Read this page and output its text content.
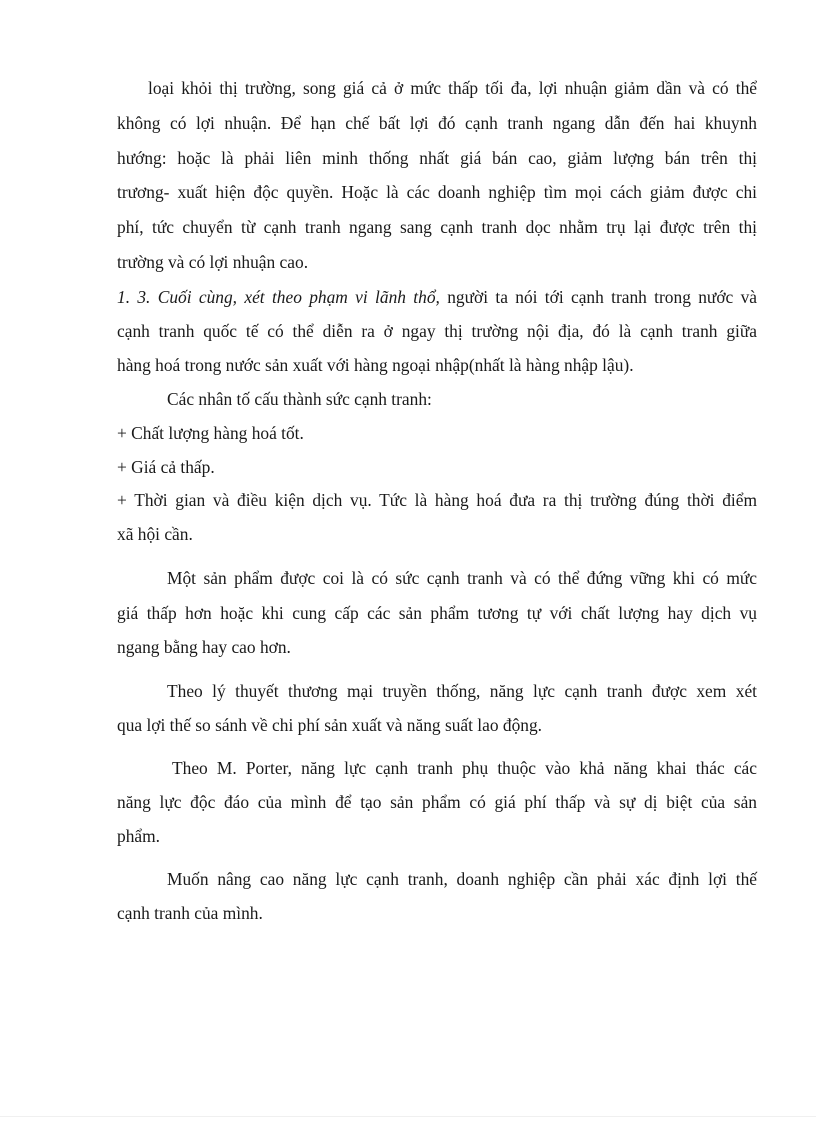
loại khỏi thị trường, song giá cả ở mức thấp tối đa, lợi nhuận giảm dần và có thể
không có lợi nhuận. Để hạn chế bất lợi đó cạnh tranh ngang dẫn đến hai khuynh
hướng: hoặc là phải liên minh thống nhất giá bán cao, giảm lượng bán trên thị
trương- xuất hiện độc quyền. Hoặc là các doanh nghiệp tìm mọi cách giảm được chi
phí, tức chuyển từ cạnh tranh ngang sang cạnh tranh dọc nhằm trụ lại được trên thị
trường và có lợi nhuận cao.
1. 3. Cuối cùng, xét theo phạm vi lãnh thổ, người ta nói tới cạnh tranh trong nước và
cạnh tranh quốc tế có thể diễn ra ở ngay thị trường nội địa, đó là cạnh tranh giữa
hàng hoá trong nước sản xuất với hàng ngoại nhập(nhất là hàng nhập lậu).
Các nhân tố cấu thành sức cạnh tranh:
+ Chất lượng hàng hoá tốt.
+ Giá cả thấp.
+ Thời gian và điều kiện dịch vụ. Tức là hàng hoá đưa ra thị trường đúng thời điểm
xã hội cần.
Một sản phẩm được coi là có sức cạnh tranh và có thể đứng vững khi có mức
giá thấp hơn hoặc khi cung cấp các sản phẩm tương tự với chất lượng hay dịch vụ
ngang bằng hay cao hơn.
Theo lý thuyết thương mại truyền thống, năng lực cạnh tranh được xem xét
qua lợi thế so sánh về chi phí sản xuất và năng suất lao động.
Theo M. Porter, năng lực cạnh tranh phụ thuộc vào khả năng khai thác các
năng lực độc đáo của mình để tạo sản phẩm có giá phí thấp và sự dị biệt của sản
phẩm.
Muốn nâng cao năng lực cạnh tranh, doanh nghiệp cần phải xác định lợi thế
cạnh tranh của mình.
